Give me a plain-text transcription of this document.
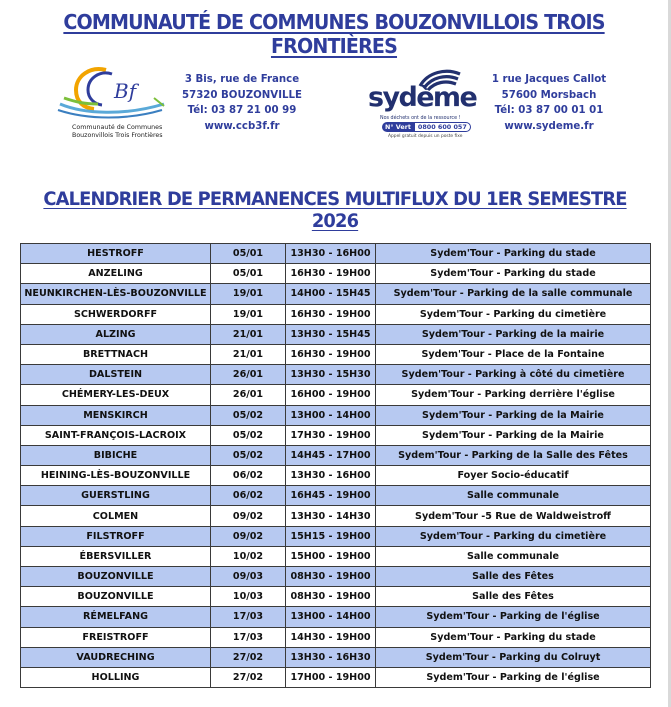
COMMUNAUTÉ DE COMMUNES BOUZONVILLOIS TROIS FRONTIÈRES
Bf
Communauté de Communes
Bouzonvillois Trois Frontières
3 Bis, rue de France
57320 BOUZONVILLE
Tél: 03 87 21 00 99
www.ccb3f.fr
sydème
Nos déchets ont de la ressource !
N° Vert	0800 600 057
Appel gratuit depuis un poste fixe
1 rue Jacques Callot
57600 Morsbach
Tél: 03 87 00 01 01
www.sydeme.fr
CALENDRIER DE PERMANENCES MULTIFLUX DU 1ER SEMESTRE 2026
HESTROFF	05/01	13H30 - 16H00	Sydem'Tour - Parking du stade
ANZELING	05/01	16H30 - 19H00	Sydem'Tour - Parking du stade
NEUNKIRCHEN-LÈS-BOUZONVILLE	19/01	14H00 - 15H45	Sydem'Tour - Parking de la salle communale
SCHWERDORFF	19/01	16H30 - 19H00	Sydem'Tour - Parking du cimetière
ALZING	21/01	13H30 - 15H45	Sydem'Tour - Parking de la mairie
BRETTNACH	21/01	16H30 - 19H00	Sydem'Tour - Place de la Fontaine
DALSTEIN	26/01	13H30 - 15H30	Sydem'Tour - Parking à côté du cimetière
CHÉMERY-LES-DEUX	26/01	16H00 - 19H00	Sydem'Tour - Parking derrière l'église
MENSKIRCH	05/02	13H00 - 14H00	Sydem'Tour - Parking de la Mairie
SAINT-FRANÇOIS-LACROIX	05/02	17H30 - 19H00	Sydem'Tour - Parking de la Mairie
BIBICHE	05/02	14H45 - 17H00	Sydem'Tour - Parking de la Salle des Fêtes
HEINING-LÈS-BOUZONVILLE	06/02	13H30 - 16H00	Foyer Socio-éducatif
GUERSTLING	06/02	16H45 - 19H00	Salle communale
COLMEN	09/02	13H30 - 14H30	Sydem'Tour -5 Rue de Waldweistroff
FILSTROFF	09/02	15H15 - 19H00	Sydem'Tour - Parking du cimetière
ÉBERSVILLER	10/02	15H00 - 19H00	Salle communale
BOUZONVILLE	09/03	08H30 - 19H00	Salle des Fêtes
BOUZONVILLE	10/03	08H30 - 19H00	Salle des Fêtes
RÉMELFANG	17/03	13H00 - 14H00	Sydem'Tour - Parking de l'église
FREISTROFF	17/03	14H30 - 19H00	Sydem'Tour - Parking du stade
VAUDRECHING	27/02	13H30 - 16H30	Sydem'Tour - Parking du Colruyt
HOLLING	27/02	17H00 - 19H00	Sydem'Tour - Parking de l'église
